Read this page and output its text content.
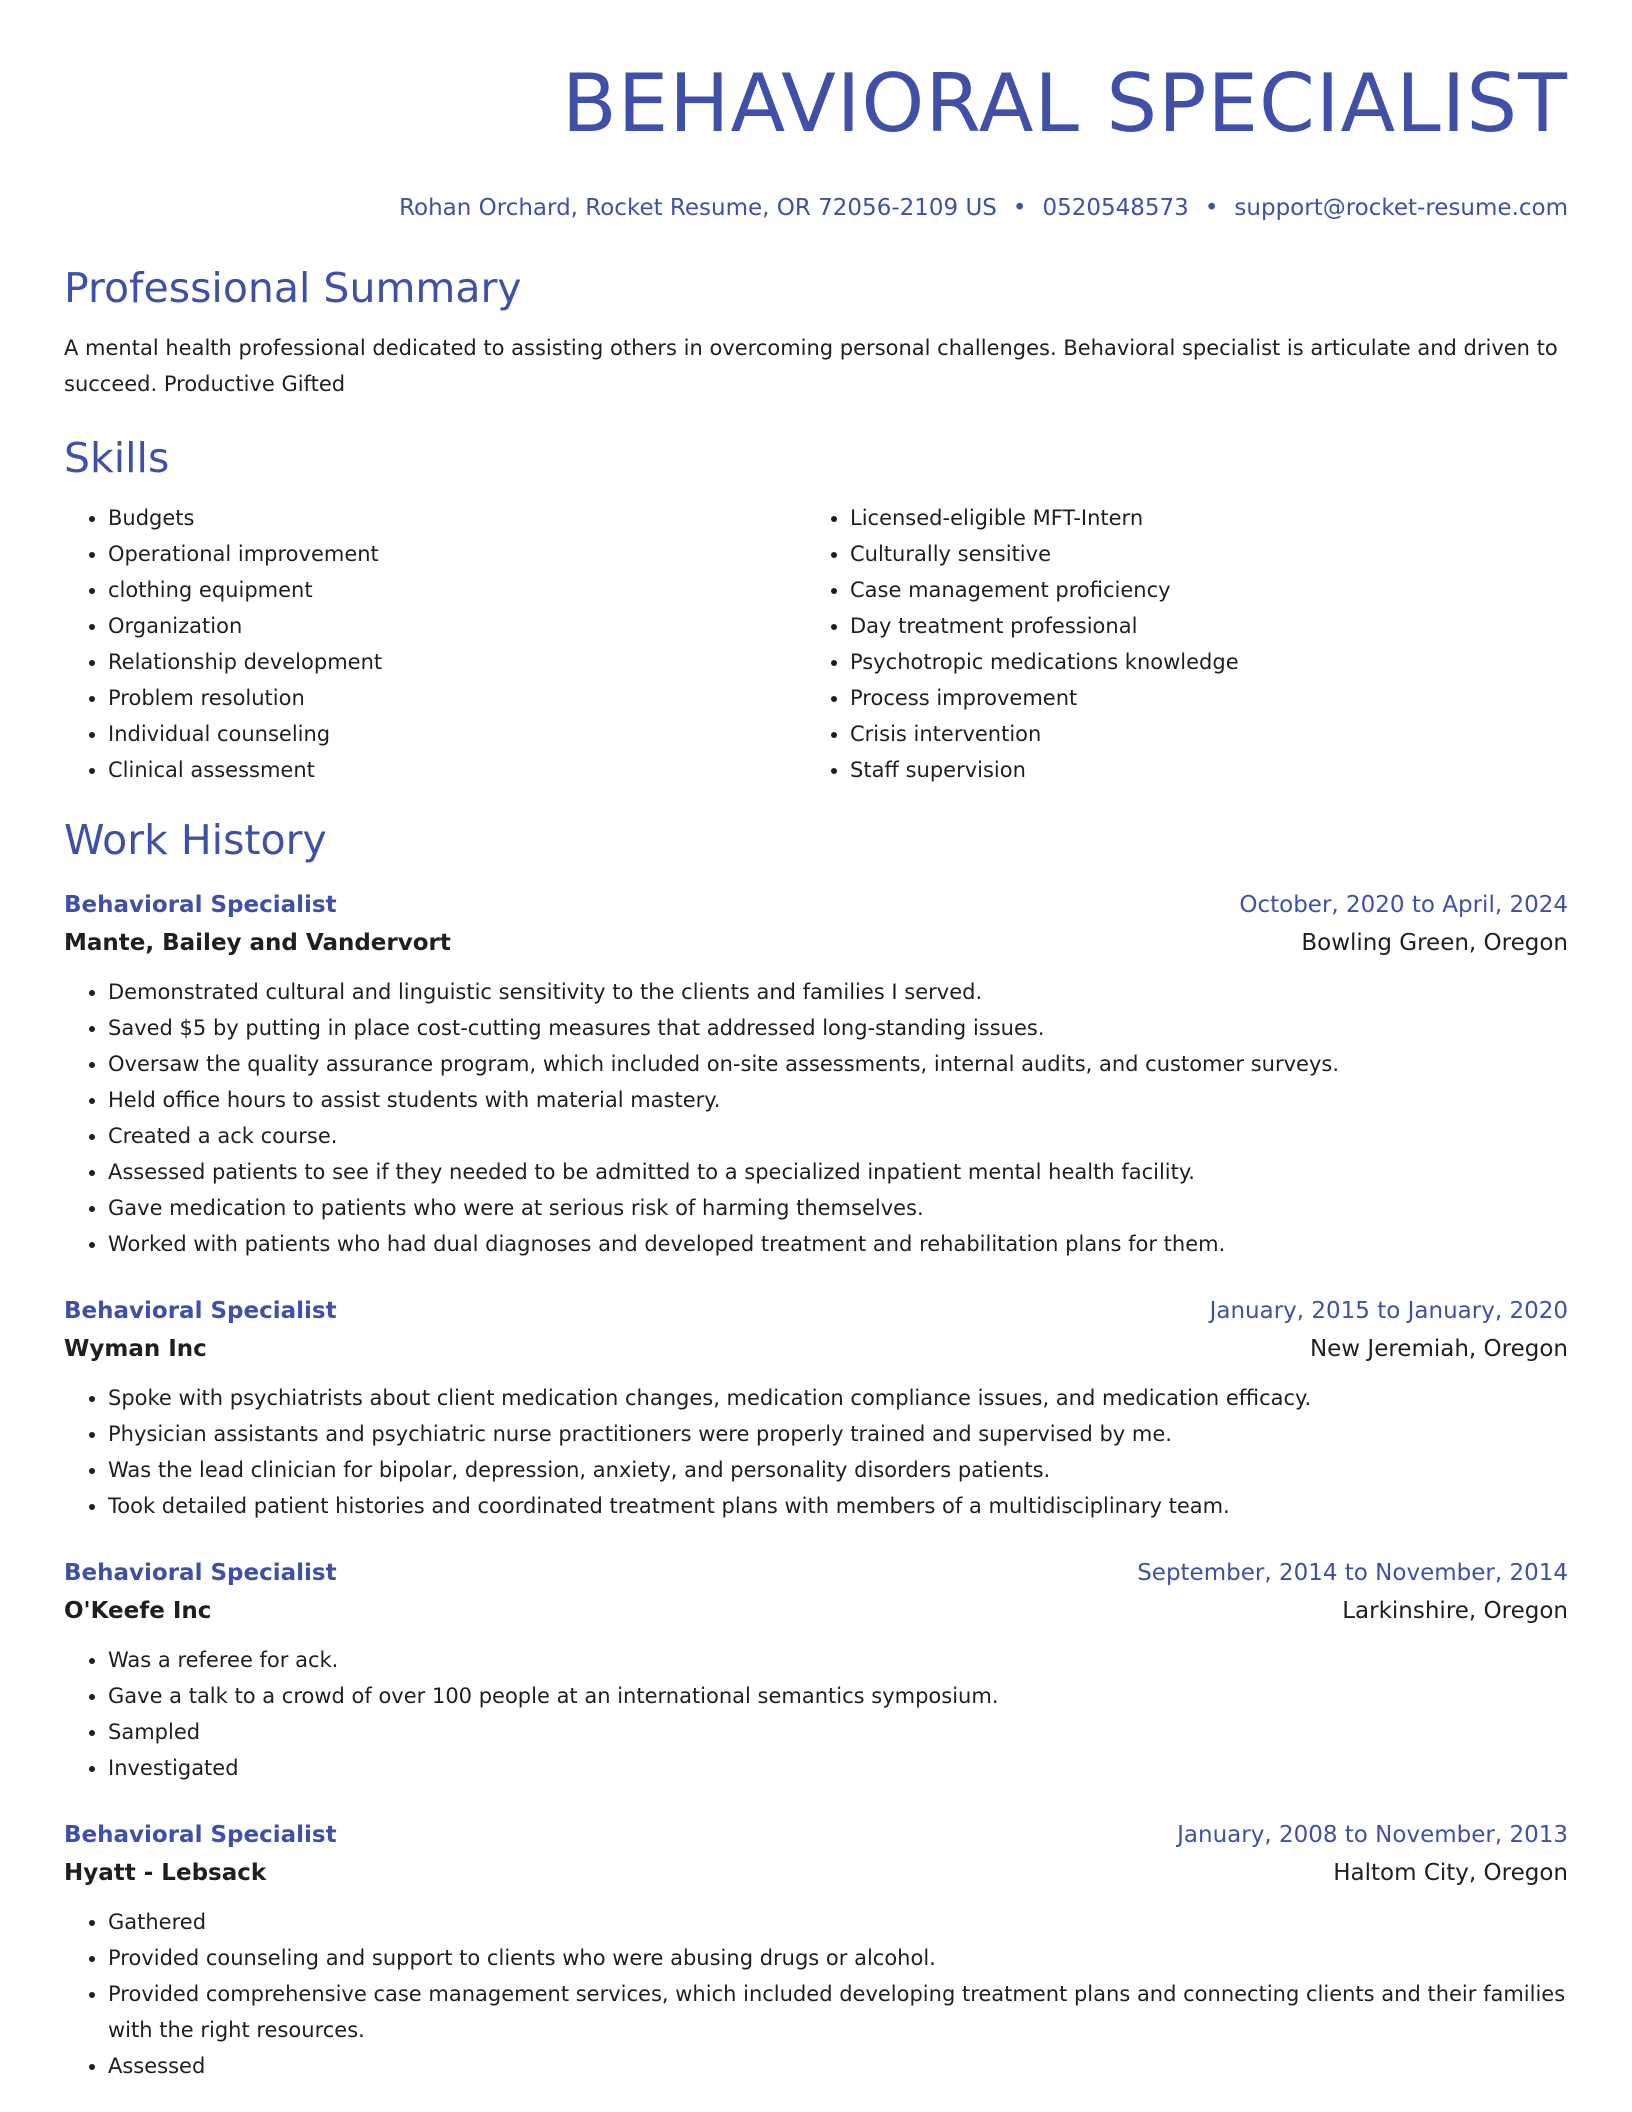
BEHAVIORAL SPECIALIST
Rohan Orchard, Rocket Resume, OR 72056-2109 US • 0520548573 • support@rocket-resume.com
Professional Summary
A mental health professional dedicated to assisting others in overcoming personal challenges. Behavioral specialist is articulate and driven to succeed. Productive Gifted
Skills
• Budgets
• Operational improvement
• clothing equipment
• Organization
• Relationship development
• Problem resolution
• Individual counseling
• Clinical assessment
• Licensed-eligible MFT-Intern
• Culturally sensitive
• Case management proficiency
• Day treatment professional
• Psychotropic medications knowledge
• Process improvement
• Crisis intervention
• Staff supervision
Work History
Behavioral Specialist	October, 2020 to April, 2024
Mante, Bailey and Vandervort	Bowling Green, Oregon
• Demonstrated cultural and linguistic sensitivity to the clients and families I served.
• Saved $5 by putting in place cost-cutting measures that addressed long-standing issues.
• Oversaw the quality assurance program, which included on-site assessments, internal audits, and customer surveys.
• Held office hours to assist students with material mastery.
• Created a ack course.
• Assessed patients to see if they needed to be admitted to a specialized inpatient mental health facility.
• Gave medication to patients who were at serious risk of harming themselves.
• Worked with patients who had dual diagnoses and developed treatment and rehabilitation plans for them.
Behavioral Specialist	January, 2015 to January, 2020
Wyman Inc	New Jeremiah, Oregon
• Spoke with psychiatrists about client medication changes, medication compliance issues, and medication efficacy.
• Physician assistants and psychiatric nurse practitioners were properly trained and supervised by me.
• Was the lead clinician for bipolar, depression, anxiety, and personality disorders patients.
• Took detailed patient histories and coordinated treatment plans with members of a multidisciplinary team.
Behavioral Specialist	September, 2014 to November, 2014
O'Keefe Inc	Larkinshire, Oregon
• Was a referee for ack.
• Gave a talk to a crowd of over 100 people at an international semantics symposium.
• Sampled
• Investigated
Behavioral Specialist	January, 2008 to November, 2013
Hyatt - Lebsack	Haltom City, Oregon
• Gathered
• Provided counseling and support to clients who were abusing drugs or alcohol.
• Provided comprehensive case management services, which included developing treatment plans and connecting clients and their families with the right resources.
• Assessed
